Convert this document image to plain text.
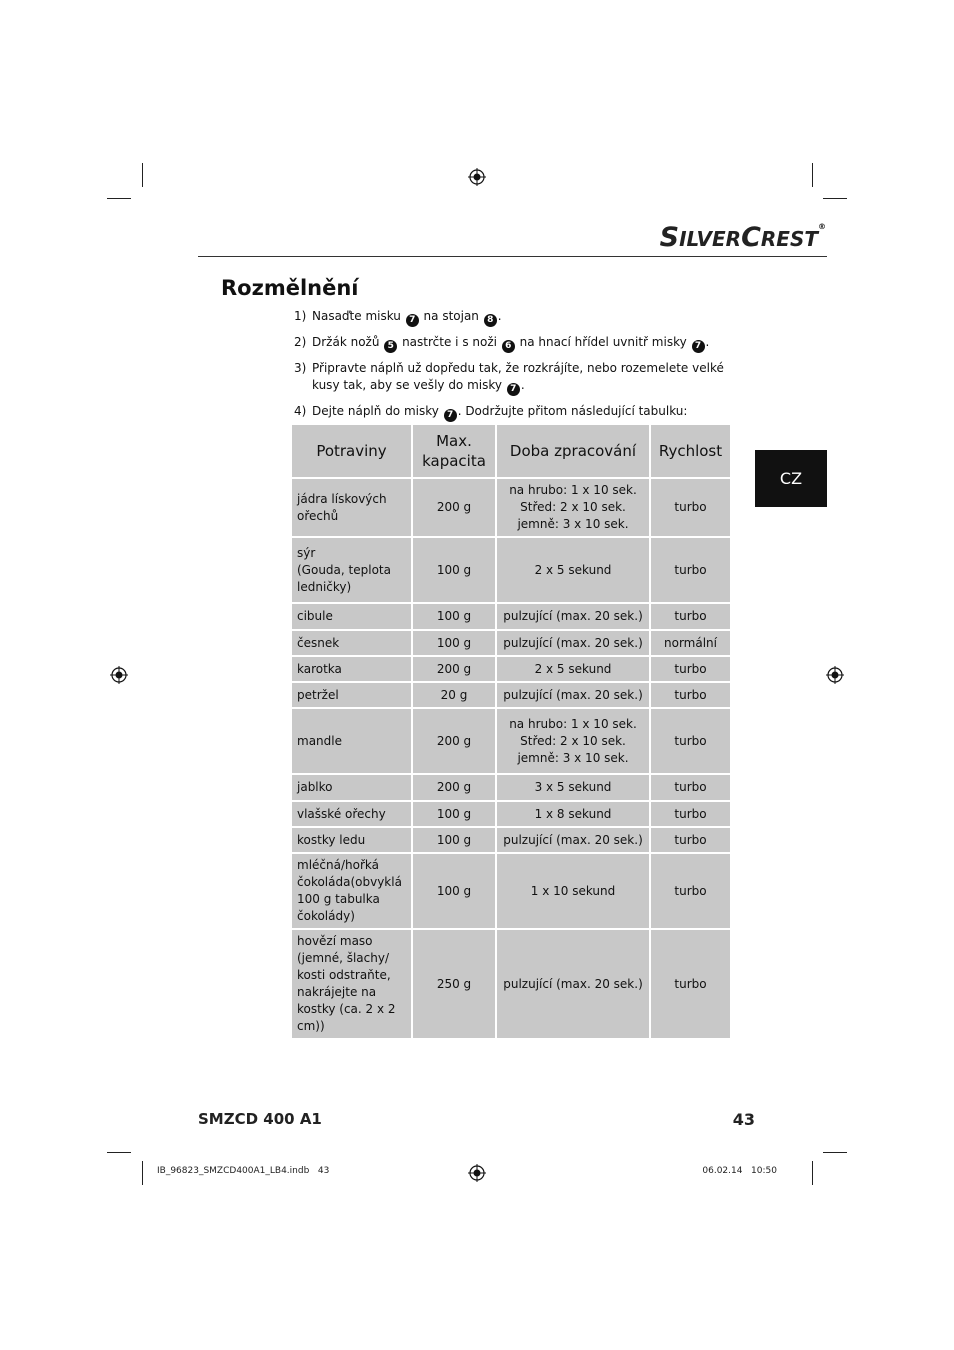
SILVERCREST®
Rozmělnění
1) Nasaďte misku 7 na stojan 8 .
2) Držák nožů 5 nastrčte i s noži 6 na hnací hřídel uvnitř misky 7 .
3) Připravte náplň už dopředu tak, že rozkrájíte, nebo rozemelete velké kusy tak, aby se vešly do misky 7 .
4) Dejte náplň do misky 7 . Dodržujte přitom následující tabulku:
Potraviny	Max. kapacita	Doba zpracování	Rychlost
jádra lískových ořechů	200 g	na hrubo: 1 x 10 sek.
Střed: 2 x 10 sek.
jemně: 3 x 10 sek.	turbo
sýr
(Gouda, teplota ledničky)	100 g	2 x 5 sekund	turbo
cibule	100 g	pulzující (max. 20 sek.)	turbo
česnek	100 g	pulzující (max. 20 sek.)	normální
karotka	200 g	2 x 5 sekund	turbo
petržel	20 g	pulzující (max. 20 sek.)	turbo
mandle	200 g	na hrubo: 1 x 10 sek.
Střed: 2 x 10 sek.
jemně: 3 x 10 sek.	turbo
jablko	200 g	3 x 5 sekund	turbo
vlašské ořechy	100 g	1 x 8 sekund	turbo
kostky ledu	100 g	pulzující (max. 20 sek.)	turbo
mléčná/hořká čokoláda(obvyklá 100 g tabulka čokolády)	100 g	1 x 10 sekund	turbo
hovězí maso (jemné, šlachy/ kosti odstraňte, nakrájejte na kostky (ca. 2 x 2 cm))	250 g	pulzující (max. 20 sek.)	turbo
CZ
SMZCD 400 A1	43
IB_96823_SMZCD400A1_LB4.indb   43	06.02.14   10:50
